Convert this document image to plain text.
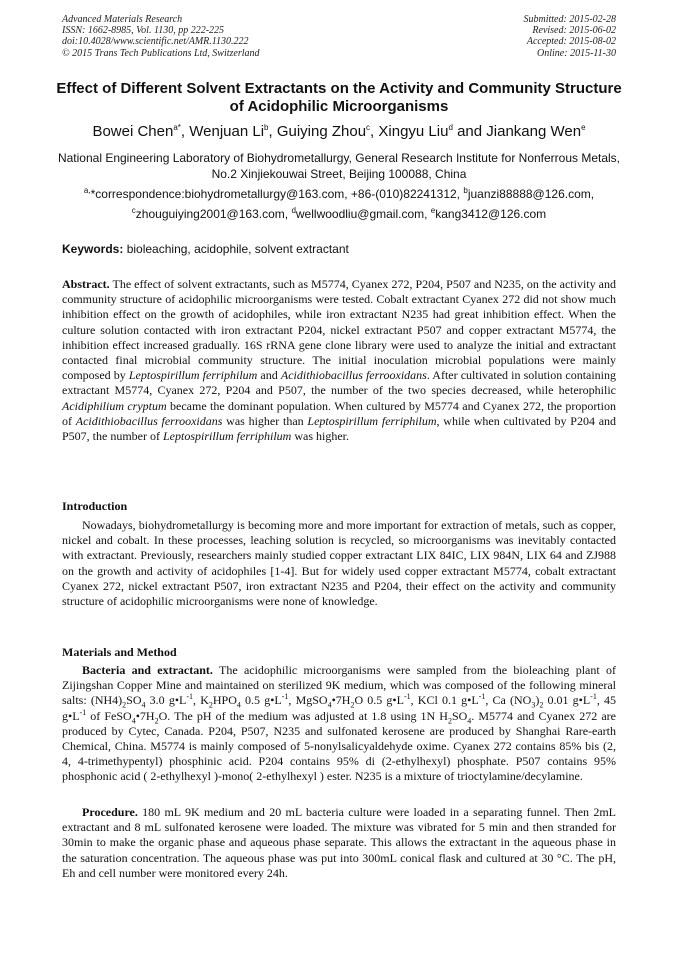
Advanced Materials Research
ISSN: 1662-8985, Vol. 1130, pp 222-225
doi:10.4028/www.scientific.net/AMR.1130.222
© 2015 Trans Tech Publications Ltd, Switzerland
Submitted: 2015-02-28
Revised: 2015-06-02
Accepted: 2015-08-02
Online: 2015-11-30
Effect of Different Solvent Extractants on the Activity and Community Structure of Acidophilic Microorganisms
Bowei Chen$^{a*}$, Wenjuan Li$^b$, Guiying Zhou$^c$, Xingyu Liu$^d$ and Jiankang Wen$^e$
National Engineering Laboratory of Biohydrometallurgy, General Research Institute for Nonferrous Metals, No.2 Xinjiekouwai Street, Beijing 100088, China
$^{a,}$*correspondence:biohydrometallurgy@163.com, +86-(010)82241312, $^b$juanzi88888@126.com,
$^c$zhouguiying2001@163.com, $^d$wellwoodliu@gmail.com, $^e$kang3412@126.com
Keywords: bioleaching, acidophile, solvent extractant
Abstract. The effect of solvent extractants, such as M5774, Cyanex 272, P204, P507 and N235, on the activity and community structure of acidophilic microorganisms were tested. Cobalt extractant Cyanex 272 did not show much inhibition effect on the growth of acidophiles, while iron extractant N235 had great inhibition effect. When the culture solution contacted with iron extractant P204, nickel extractant P507 and copper extractant M5774, the inhibition effect increased gradually. 16S rRNA gene clone library were used to analyze the initial and extractant contacted final microbial community structure. The initial inoculation microbial populations were mainly composed by Leptospirillum ferriphilum and Acidithiobacillus ferrooxidans. After cultivated in solution containing extractant M5774, Cyanex 272, P204 and P507, the number of the two species decreased, while heterophilic Acidiphilium cryptum became the dominant population. When cultured by M5774 and Cyanex 272, the proportion of Acidithiobacillus ferrooxidans was higher than Leptospirillum ferriphilum, while when cultivated by P204 and P507, the number of Leptospirillum ferriphilum was higher.
Introduction
Nowadays, biohydrometallurgy is becoming more and more important for extraction of metals, such as copper, nickel and cobalt. In these processes, leaching solution is recycled, so microorganisms was inevitably contacted with extractant. Previously, researchers mainly studied copper extractant LIX 84IC, LIX 984N, LIX 64 and ZJ988 on the growth and activity of acidophiles [1-4]. But for widely used copper extractant M5774, cobalt extractant Cyanex 272, nickel extractant P507, iron extractant N235 and P204, their effect on the activity and community structure of acidophilic microorganisms were none of knowledge.
Materials and Method
Bacteria and extractant. The acidophilic microorganisms were sampled from the bioleaching plant of Zijingshan Copper Mine and maintained on sterilized 9K medium, which was composed of the following mineral salts: $(NH4)_2SO_4$ 3.0 $g•L^{-1}$, $K_2HPO_4$ 0.5 $g•L^{-1}$, $MgSO_4•7H_2O$ 0.5 $g•L^{-1}$, KCl 0.1 $g•L^{-1}$, Ca $(NO_3)_2$ 0.01 $g•L^{-1}$, 45 $g•L^{-1}$ of $FeSO_4•7H_2O$. The pH of the medium was adjusted at 1.8 using 1N $H_2SO_4$. M5774 and Cyanex 272 are produced by Cytec, Canada. P204, P507, N235 and sulfonated kerosene are produced by Shanghai Rare-earth Chemical, China. M5774 is mainly composed of 5-nonylsalicyaldehyde oxime. Cyanex 272 contains 85% bis (2, 4, 4-trimethypentyl) phosphinic acid. P204 contains 95% di (2-ethylhexyl) phosphate. P507 contains 95% phosphonic acid ( 2-ethylhexyl )-mono( 2-ethylhexyl ) ester. N235 is a mixture of trioctylamine/decylamine.
Procedure. 180 mL 9K medium and 20 mL bacteria culture were loaded in a separating funnel. Then 2mL extractant and 8 mL sulfonated kerosene were loaded. The mixture was vibrated for 5 min and then stranded for 30min to make the organic phase and aqueous phase separate. This allows the extractant in the aqueous phase in the saturation concentration. The aqueous phase was put into 300mL conical flask and cultured at 30 °C. The pH, Eh and cell number were monitored every 24h.
